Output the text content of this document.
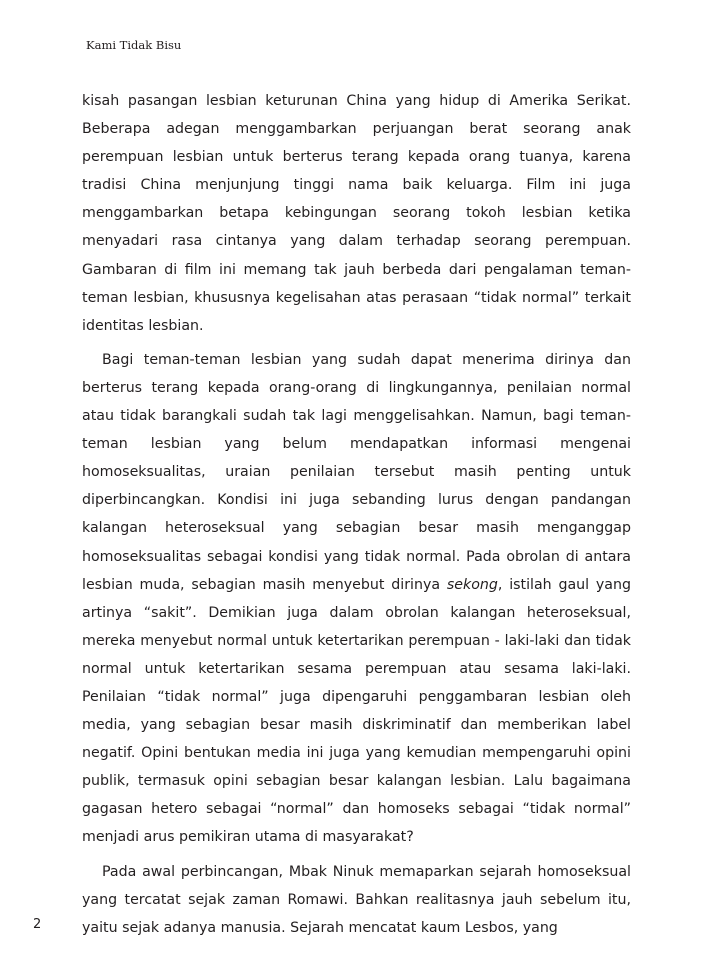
Kami Tidak Bisu

kisah pasangan lesbian keturunan China yang hidup di Amerika Serikat. Beberapa adegan menggambarkan perjuangan berat seorang anak perempuan lesbian untuk berterus terang kepada orang tuanya, karena tradisi China menjunjung tinggi nama baik keluarga. Film ini juga menggambarkan betapa kebingungan seorang tokoh lesbian ketika menyadari rasa cintanya yang dalam terhadap seorang perempuan. Gambaran di film ini memang tak jauh berbeda dari pengalaman teman-teman lesbian, khususnya kegelisahan atas perasaan “tidak normal” terkait identitas lesbian.

Bagi teman-teman lesbian yang sudah dapat menerima dirinya dan berterus terang kepada orang-orang di lingkungannya, penilaian normal atau tidak barangkali sudah tak lagi menggelisahkan. Namun, bagi teman-teman lesbian yang belum mendapatkan informasi mengenai homoseksualitas, uraian penilaian tersebut masih penting untuk diperbincangkan. Kondisi ini juga sebanding lurus dengan pandangan kalangan heteroseksual yang sebagian besar masih menganggap homoseksualitas sebagai kondisi yang tidak normal. Pada obrolan di antara lesbian muda, sebagian masih menyebut dirinya sekong, istilah gaul yang artinya “sakit”. Demikian juga dalam obrolan kalangan heteroseksual, mereka menyebut normal untuk ketertarikan perempuan - laki-laki dan tidak normal untuk ketertarikan sesama perempuan atau sesama laki-laki. Penilaian “tidak normal” juga dipengaruhi penggambaran lesbian oleh media, yang sebagian besar masih diskriminatif dan memberikan label negatif. Opini bentukan media ini juga yang kemudian mempengaruhi opini publik, termasuk opini sebagian besar kalangan lesbian. Lalu bagaimana gagasan hetero sebagai “normal” dan homoseks sebagai “tidak normal” menjadi arus pemikiran utama di masyarakat?

Pada awal perbincangan, Mbak Ninuk memaparkan sejarah homoseksual yang tercatat sejak zaman Romawi. Bahkan realitasnya jauh sebelum itu, yaitu sejak adanya manusia. Sejarah mencatat kaum Lesbos, yang

2
